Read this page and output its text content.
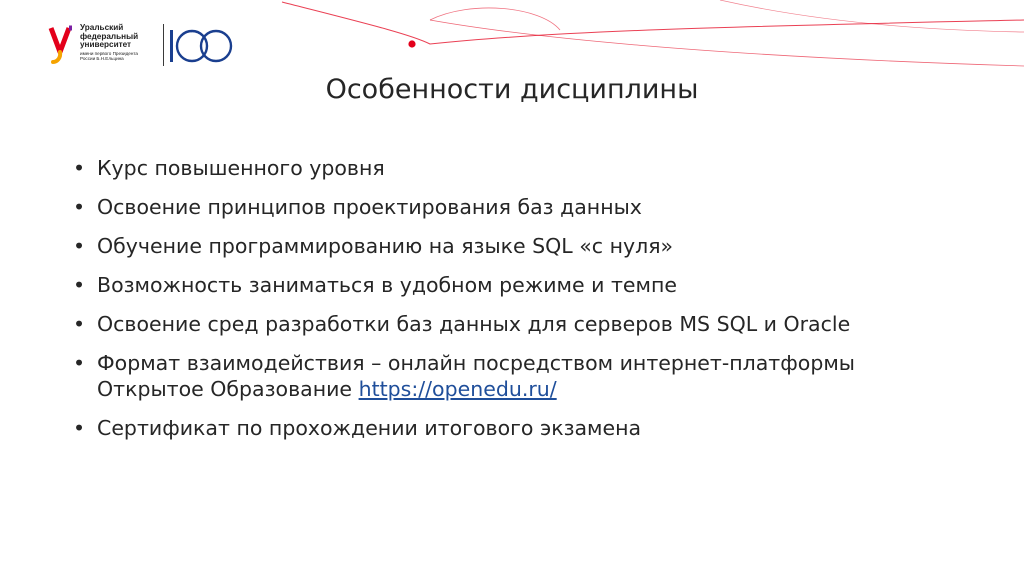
Уральский
федеральный
университет
имени первого Президента
России Б.Н.Ельцина
Особенности дисциплины
• Курс повышенного уровня
• Освоение принципов проектирования баз данных
• Обучение программированию на языке SQL «с нуля»
• Возможность заниматься в удобном режиме и темпе
• Освоение сред разработки баз данных для серверов MS SQL и Oracle
• Формат взаимодействия – онлайн посредством интернет-платформы
Открытое Образование https://openedu.ru/
• Сертификат по прохождении итогового экзамена
